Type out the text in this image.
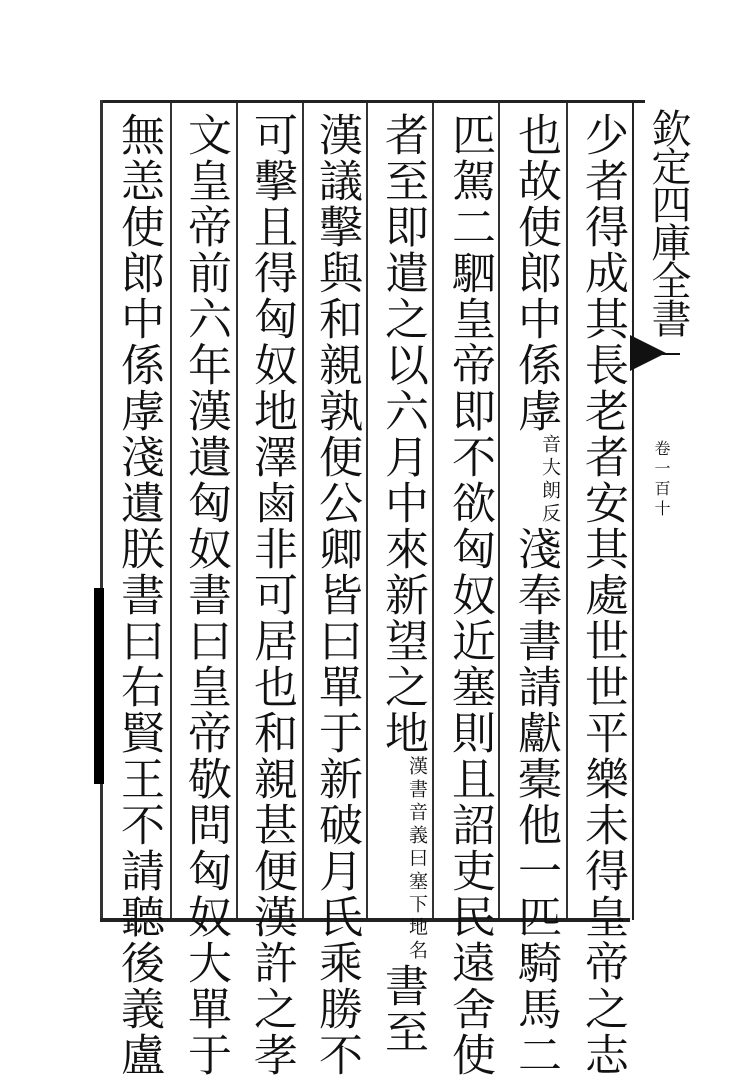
欽定四庫全書
卷一百十
少者得成其長老者安其處世世平樂未得皇帝之志
也故使郎中係虖音大朗反淺奉書請獻橐他一匹騎馬二
匹駕二駟皇帝即不欲匈奴近塞則且詔吏民遠舍使
者至即遣之以六月中來新望之地漢書音義曰塞下地名書至
漢議擊與和親孰便公卿皆曰單于新破月氏乘勝不
可擊且得匈奴地澤鹵非可居也和親甚便漢許之孝
文皇帝前六年漢遺匈奴書曰皇帝敬問匈奴大單于
無恙使郎中係虖淺遺朕書曰右賢王不請聽後義盧
